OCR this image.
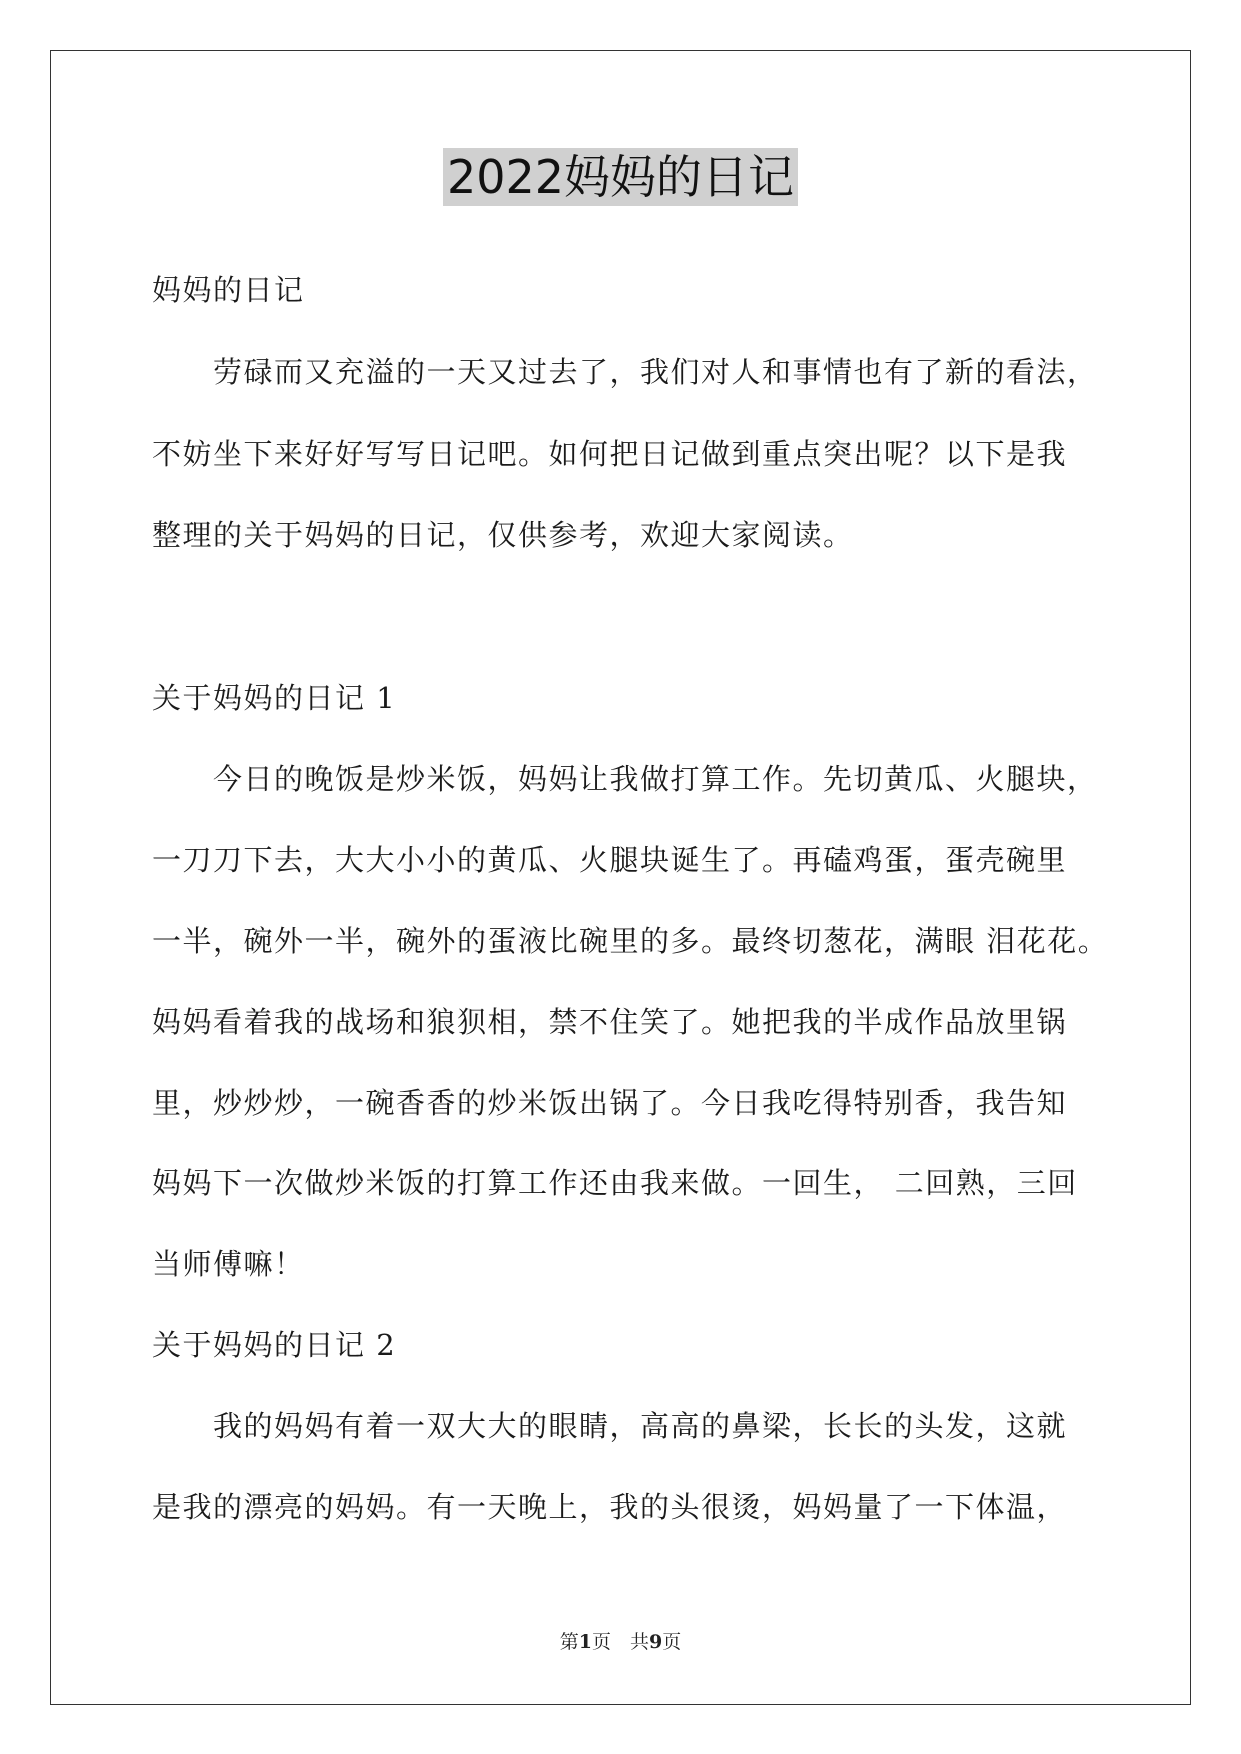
2022妈妈的日记
妈妈的日记
　　劳碌而又充溢的一天又过去了，我们对人和事情也有了新的看法，
不妨坐下来好好写写日记吧。如何把日记做到重点突出呢？以下是我
整理的关于妈妈的日记，仅供参考，欢迎大家阅读。
关于妈妈的日记 1
　　今日的晚饭是炒米饭，妈妈让我做打算工作。先切黄瓜、火腿块，
一刀刀下去，大大小小的黄瓜、火腿块诞生了。再磕鸡蛋，蛋壳碗里
一半，碗外一半，碗外的蛋液比碗里的多。最终切葱花，满眼 泪花花。
妈妈看着我的战场和狼狈相，禁不住笑了。她把我的半成作品放里锅
里，炒炒炒，一碗香香的炒米饭出锅了。今日我吃得特别香，我告知
妈妈下一次做炒米饭的打算工作还由我来做。一回生， 二回熟，三回
当师傅嘛！
关于妈妈的日记 2
　　我的妈妈有着一双大大的眼睛，高高的鼻梁，长长的头发，这就
是我的漂亮的妈妈。有一天晚上，我的头很烫，妈妈量了一下体温，
第1页　共9页
